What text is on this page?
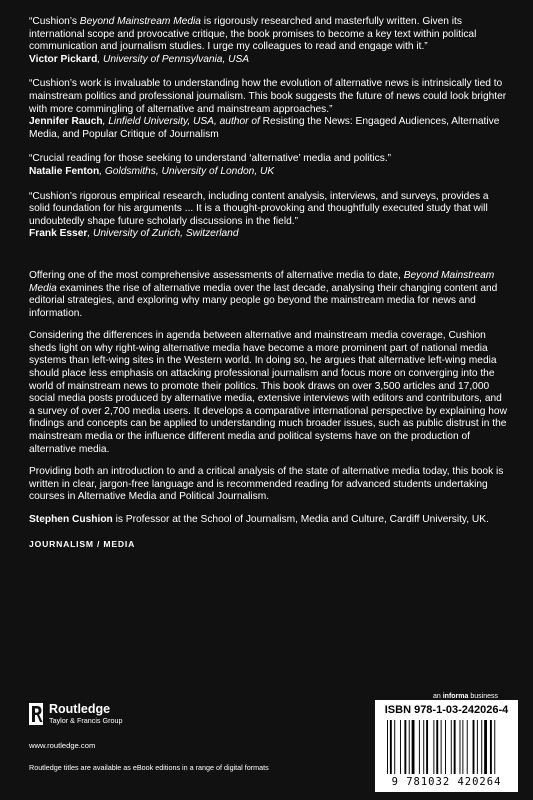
“Cushion’s Beyond Mainstream Media is rigorously researched and masterfully written. Given its international scope and provocative critique, the book promises to become a key text within political communication and journalism studies. I urge my colleagues to read and engage with it.”

Victor Pickard, University of Pennsylvania, USA

“Cushion’s work is invaluable to understanding how the evolution of alternative news is intrinsically tied to mainstream politics and professional journalism. This book suggests the future of news could look brighter with more commingling of alternative and mainstream approaches.”

Jennifer Rauch, Linfield University, USA, author of Resisting the News: Engaged Audiences, Alternative Media, and Popular Critique of Journalism

“Crucial reading for those seeking to understand ‘alternative’ media and politics.”

Natalie Fenton, Goldsmiths, University of London, UK

“Cushion’s rigorous empirical research, including content analysis, interviews, and surveys, provides a solid foundation for his arguments ... It is a thought-provoking and thoughtfully executed study that will undoubtedly shape future scholarly discussions in the field.”

Frank Esser, University of Zurich, Switzerland

Offering one of the most comprehensive assessments of alternative media to date, Beyond Mainstream Media examines the rise of alternative media over the last decade, analysing their changing content and editorial strategies, and exploring why many people go beyond the mainstream media for news and information.

Considering the differences in agenda between alternative and mainstream media coverage, Cushion sheds light on why right-wing alternative media have become a more prominent part of national media systems than left-wing sites in the Western world. In doing so, he argues that alternative left-wing media should place less emphasis on attacking professional journalism and focus more on converging into the world of mainstream news to promote their politics. This book draws on over 3,500 articles and 17,000 social media posts produced by alternative media, extensive interviews with editors and contributors, and a survey of over 2,700 media users. It develops a comparative international perspective by explaining how findings and concepts can be applied to understanding much broader issues, such as public distrust in the mainstream media or the influence different media and political systems have on the production of alternative media.

Providing both an introduction to and a critical analysis of the state of alternative media today, this book is written in clear, jargon-free language and is recommended reading for advanced students undertaking courses in Alternative Media and Political Journalism.

Stephen Cushion is Professor at the School of Journalism, Media and Culture, Cardiff University, UK.

JOURNALISM / MEDIA
Routledge
Taylor & Francis Group
www.routledge.com
Routledge titles are available as eBook editions in a range of digital formats
an informa business
ISBN 978-1-03-242026-4
9 781032 420264
